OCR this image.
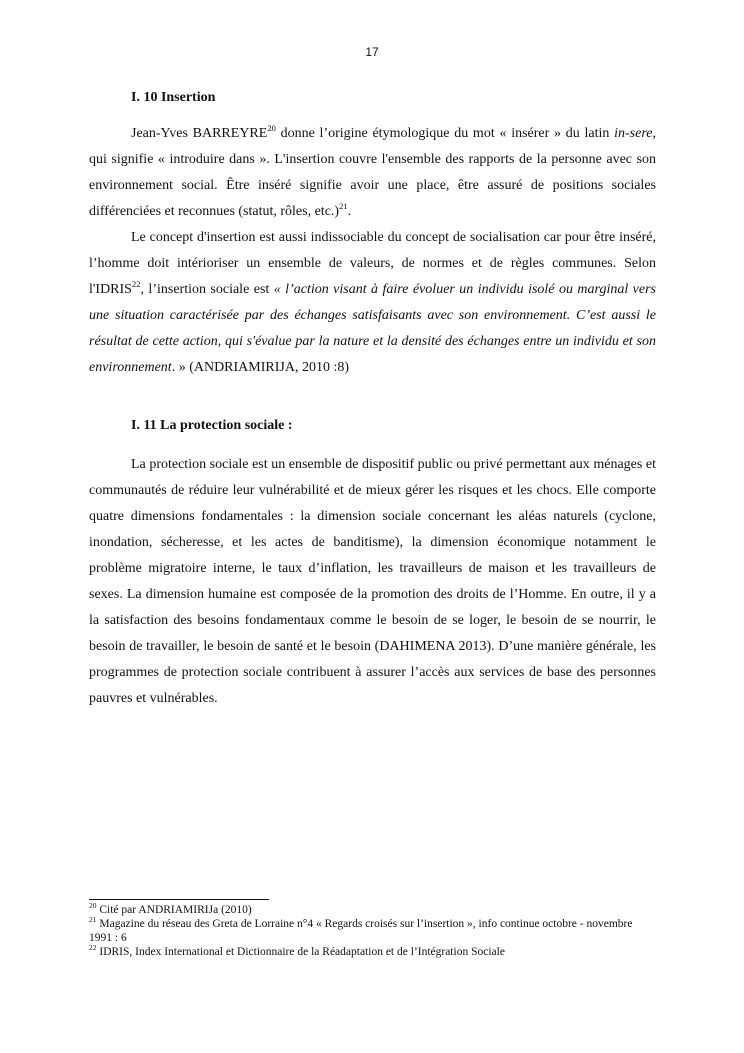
17
I. 10 Insertion

Jean-Yves BARREYRE$^{20}$ donne l’origine étymologique du mot « insérer » du latin in-sere, qui signifie « introduire dans ». L'insertion couvre l'ensemble des rapports de la personne avec son environnement social. Être inséré signifie avoir une place, être assuré de positions sociales différenciées et reconnues (statut, rôles, etc.)$^{21}$.

Le concept d'insertion est aussi indissociable du concept de socialisation car pour être inséré, l’homme doit intérioriser un ensemble de valeurs, de normes et de règles communes. Selon l'IDRIS$^{22}$, l’insertion sociale est « l’action visant à faire évoluer un individu isolé ou marginal vers une situation caractérisée par des échanges satisfaisants avec son environnement. C’est aussi le résultat de cette action, qui s'évalue par la nature et la densité des échanges entre un individu et son environnement. » (ANDRIAMIRIJA, 2010 :8)

I. 11 La protection sociale :

La protection sociale est un ensemble de dispositif public ou privé permettant aux ménages et communautés de réduire leur vulnérabilité et de mieux gérer les risques et les chocs. Elle comporte quatre dimensions fondamentales : la dimension sociale concernant les aléas naturels (cyclone, inondation, sécheresse, et les actes de banditisme), la dimension économique notamment le problème migratoire interne, le taux d’inflation, les travailleurs de maison et les travailleurs de sexes. La dimension humaine est composée de la promotion des droits de l’Homme. En outre, il y a la satisfaction des besoins fondamentaux comme le besoin de se loger, le besoin de se nourrir, le besoin de travailler, le besoin de santé et le besoin (DAHIMENA 2013). D’une manière générale, les programmes de protection sociale contribuent à assurer l’accès aux services de base des personnes pauvres et vulnérables.

$^{20}$ Cité par ANDRIAMIRIJa (2010)

$^{21}$ Magazine du réseau des Greta de Lorraine n°4 « Regards croisés sur l’insertion », info continue octobre - novembre 1991 : 6

$^{22}$ IDRIS, Index International et Dictionnaire de la Réadaptation et de l’Intégration Sociale
